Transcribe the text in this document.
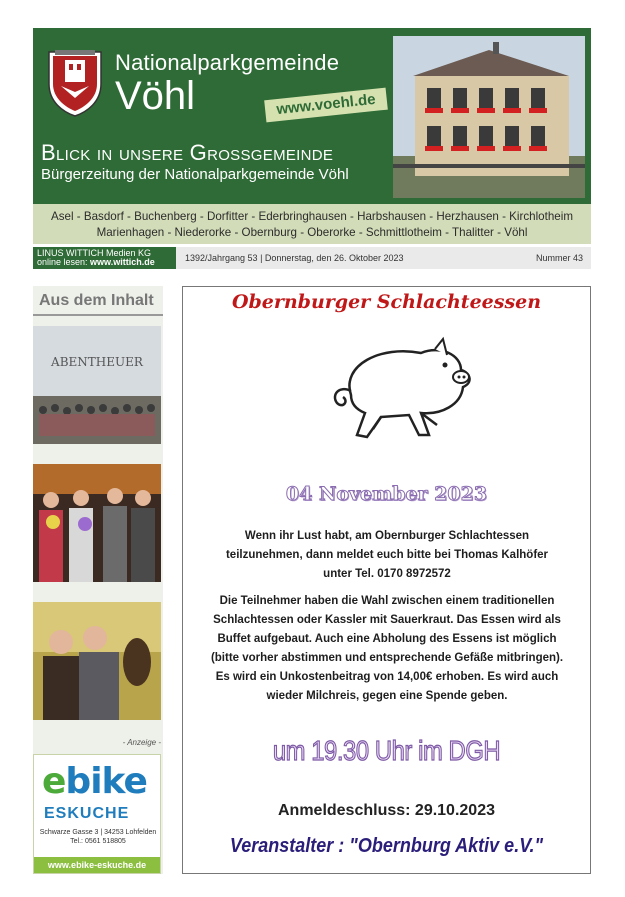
Nationalparkgemeinde
Vöhl	www.voehl.de
Blick in unsere Grossgemeinde
Bürgerzeitung der Nationalparkgemeinde Vöhl
Asel - Basdorf - Buchenberg - Dorfitter - Ederbringhausen - Harbshausen - Herzhausen - Kirchlotheim
Marienhagen - Niederorke - Obernburg - Oberorke - Schmittlotheim - Thalitter - Vöhl
LINUS WITTICH Medien KG
online lesen: www.wittich.de	1392/Jahrgang 53 | Donnerstag, den 26. Oktober 2023	Nummer 43
Aus dem Inhalt
ABENTHEUER
- Anzeige -
ebike
ESKUCHE
Schwarze Gasse 3 | 34253 Lohfelden
Tel.: 0561 518805
www.ebike-eskuche.de
Obernburger Schlachteessen
04 November 2023
Wenn ihr Lust habt, am Obernburger Schlachtessen
teilzunehmen, dann meldet euch bitte bei Thomas Kalhöfer
unter Tel. 0170 8972572
Die Teilnehmer haben die Wahl zwischen einem traditionellen
Schlachtessen oder Kassler mit Sauerkraut. Das Essen wird als
Buffet aufgebaut. Auch eine Abholung des Essens ist möglich
(bitte vorher abstimmen und entsprechende Gefäße mitbringen).
Es wird ein Unkostenbeitrag von 14,00€ erhoben. Es wird auch
wieder Milchreis, gegen eine Spende geben.
um 19.30 Uhr im DGH
Anmeldeschluss: 29.10.2023
Veranstalter : "Obernburg Aktiv e.V."
